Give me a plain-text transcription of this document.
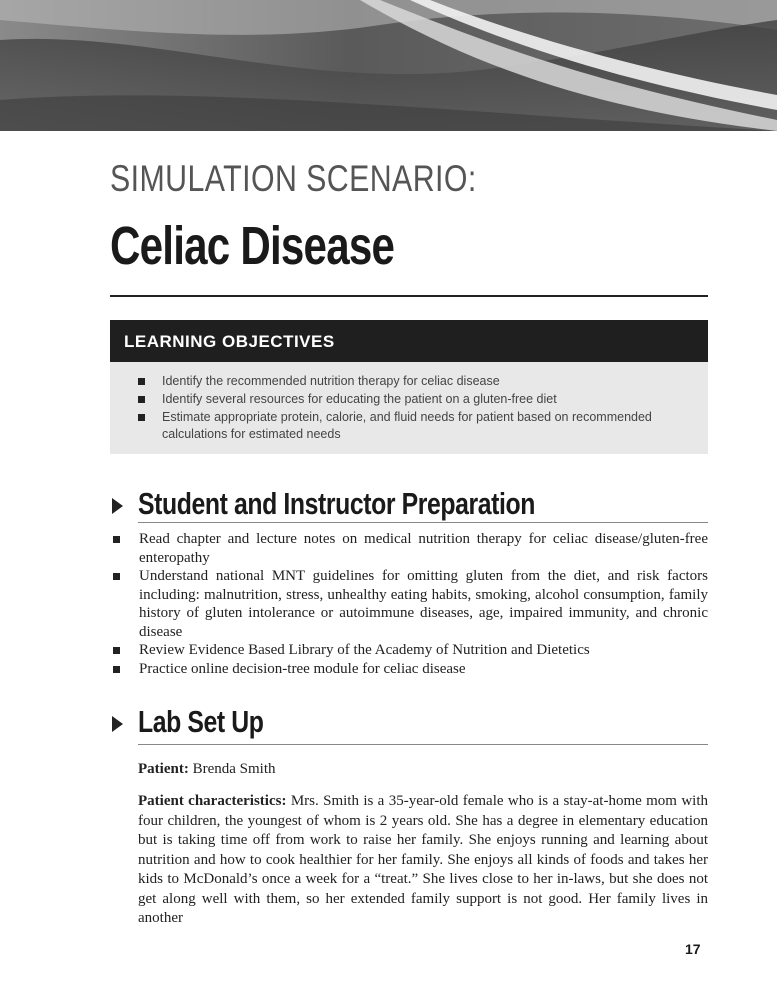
SIMULATION SCENARIO:
Celiac Disease
LEARNING OBJECTIVES
Identify the recommended nutrition therapy for celiac disease
Identify several resources for educating the patient on a gluten-free diet
Estimate appropriate protein, calorie, and fluid needs for patient based on recommended calculations for estimated needs
Student and Instructor Preparation
Read chapter and lecture notes on medical nutrition therapy for celiac disease/gluten-free enteropathy
Understand national MNT guidelines for omitting gluten from the diet, and risk factors including: malnutrition, stress, unhealthy eating habits, smoking, alcohol consumption, family history of gluten intolerance or autoimmune diseases, age, impaired immunity, and chronic disease
Review Evidence Based Library of the Academy of Nutrition and Dietetics
Practice online decision-tree module for celiac disease
Lab Set Up
Patient: Brenda Smith
Patient characteristics: Mrs. Smith is a 35-year-old female who is a stay-at-home mom with four children, the youngest of whom is 2 years old. She has a degree in elementary education but is taking time off from work to raise her family. She enjoys running and learning about nutrition and how to cook healthier for her family. She enjoys all kinds of foods and takes her kids to McDonald’s once a week for a “treat.” She lives close to her in-laws, but she does not get along well with them, so her extended family support is not good. Her family lives in another
17
